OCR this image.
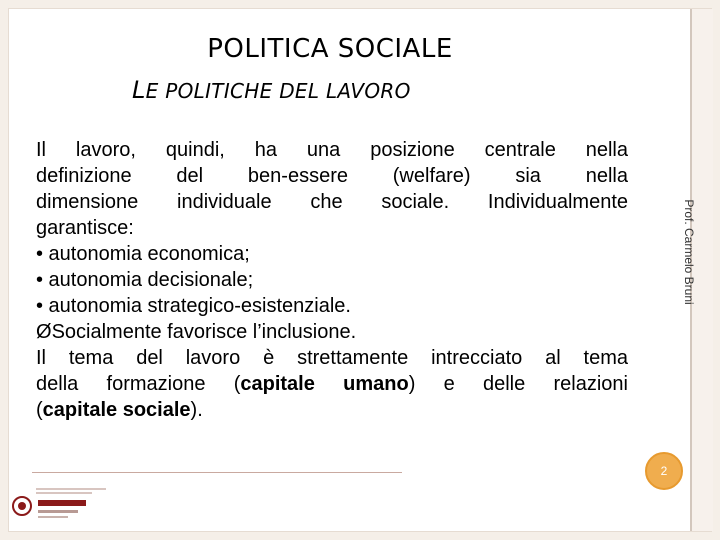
POLITICA SOCIALE
LE POLITICHE DEL LAVORO
Il lavoro, quindi, ha una posizione centrale nella
definizione del ben-essere (welfare) sia nella
dimensione individuale che sociale. Individualmente
garantisce:
• autonomia economica;
• autonomia decisionale;
• autonomia strategico-esistenziale.
ØSocialmente favorisce l’inclusione.
Il tema del lavoro è strettamente intrecciato al tema
della formazione (capitale umano) e delle relazioni
(capitale sociale).
Prof. Carmelo Bruni
2
